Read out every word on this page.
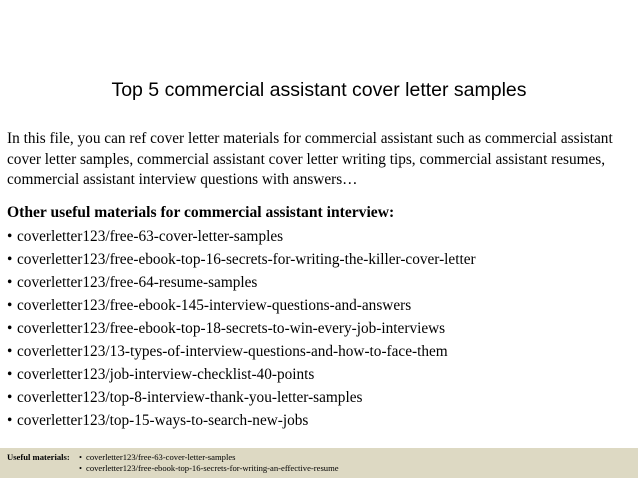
Top 5 commercial assistant cover letter samples

In this file, you can ref cover letter materials for commercial assistant such as commercial assistant cover letter samples, commercial assistant cover letter writing tips, commercial assistant resumes, commercial assistant interview questions with answers…

Other useful materials for commercial assistant interview:
• coverletter123/free-63-cover-letter-samples
• coverletter123/free-ebook-top-16-secrets-for-writing-the-killer-cover-letter
• coverletter123/free-64-resume-samples
• coverletter123/free-ebook-145-interview-questions-and-answers
• coverletter123/free-ebook-top-18-secrets-to-win-every-job-interviews
• coverletter123/13-types-of-interview-questions-and-how-to-face-them
• coverletter123/job-interview-checklist-40-points
• coverletter123/top-8-interview-thank-you-letter-samples
• coverletter123/top-15-ways-to-search-new-jobs
Useful materials: • coverletter123/free-63-cover-letter-samples
• coverletter123/free-ebook-top-16-secrets-for-writing-an-effective-resume
